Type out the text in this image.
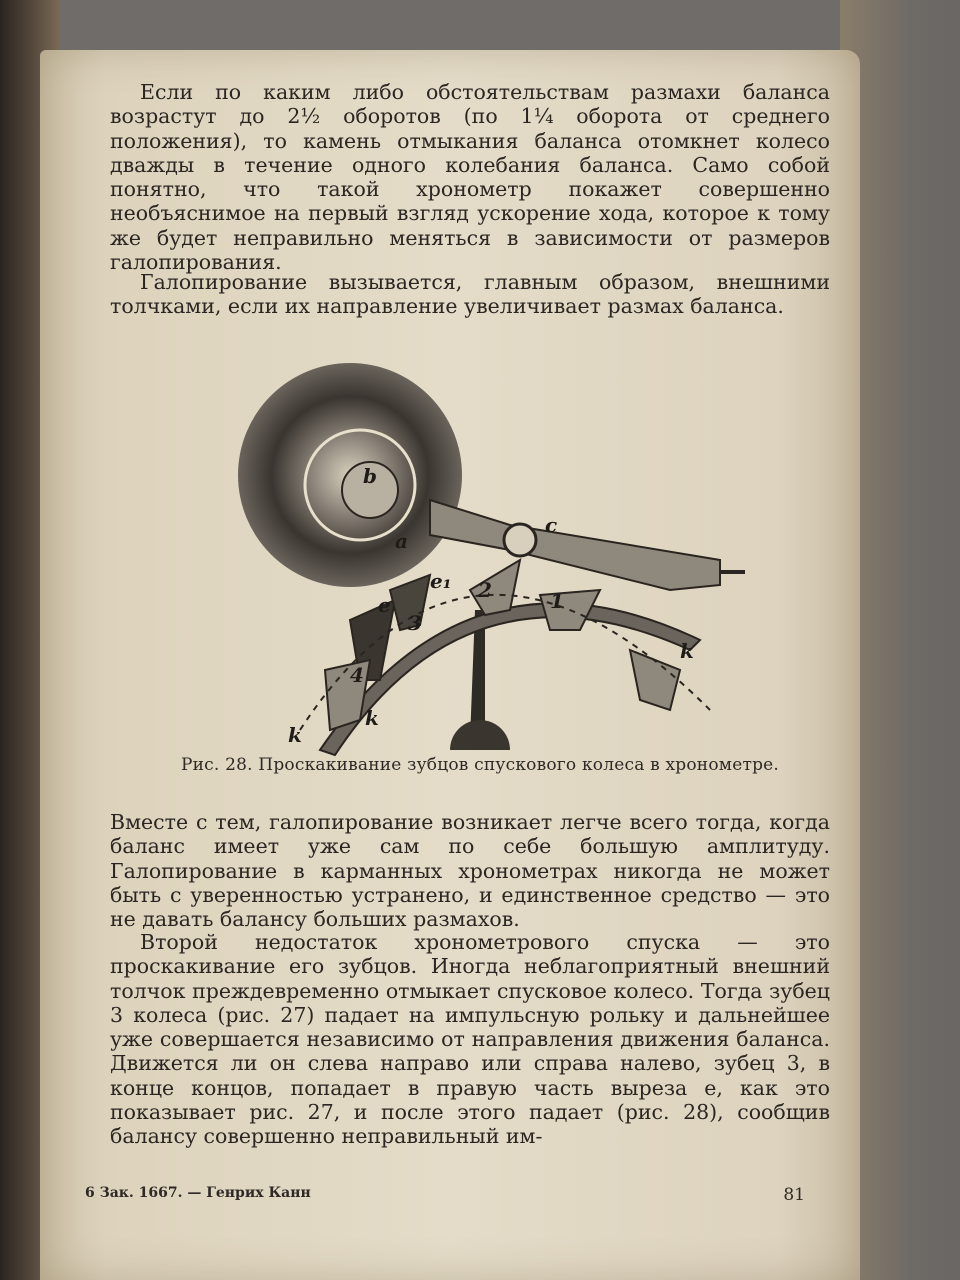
Если по каким либо обстоятельствам размахи баланса возрастут до 2½ оборотов (по 1¼ оборота от среднего положения), то камень отмыкания баланса отомкнет колесо дважды в течение одного колебания баланса. Само собой понятно, что такой хронометр покажет совершенно необъяснимое на первый взгляд ускорение хода, которое к тому же будет неправильно меняться в зависимости от размеров галопирования.

Галопирование вызывается, главным образом, внешними толчками, если их направление увеличивает размах баланса.

b
a
c
e₁
e
2	1
3
4
k
k
k
Рис. 28. Проскакивание зубцов спускового колеса в хронометре.

Вместе с тем, галопирование возникает легче всего тогда, когда баланс имеет уже сам по себе большую амплитуду. Галопирование в карманных хронометрах никогда не может быть с уверенностью устранено, и единственное средство — это не давать балансу больших размахов.

Второй недостаток хронометрового спуска — это проскакивание его зубцов. Иногда неблагоприятный внешний толчок преждевременно отмыкает спусковое колесо. Тогда зубец 3 колеса (рис. 27) падает на импульсную рольку и дальнейшее уже совершается независимо от направления движения баланса. Движется ли он слева направо или справа налево, зубец 3, в конце концов, попадает в правую часть выреза e, как это показывает рис. 27, и после этого падает (рис. 28), сообщив балансу совершенно неправильный им-

6 Зак. 1667. — Генрих Канн	81
